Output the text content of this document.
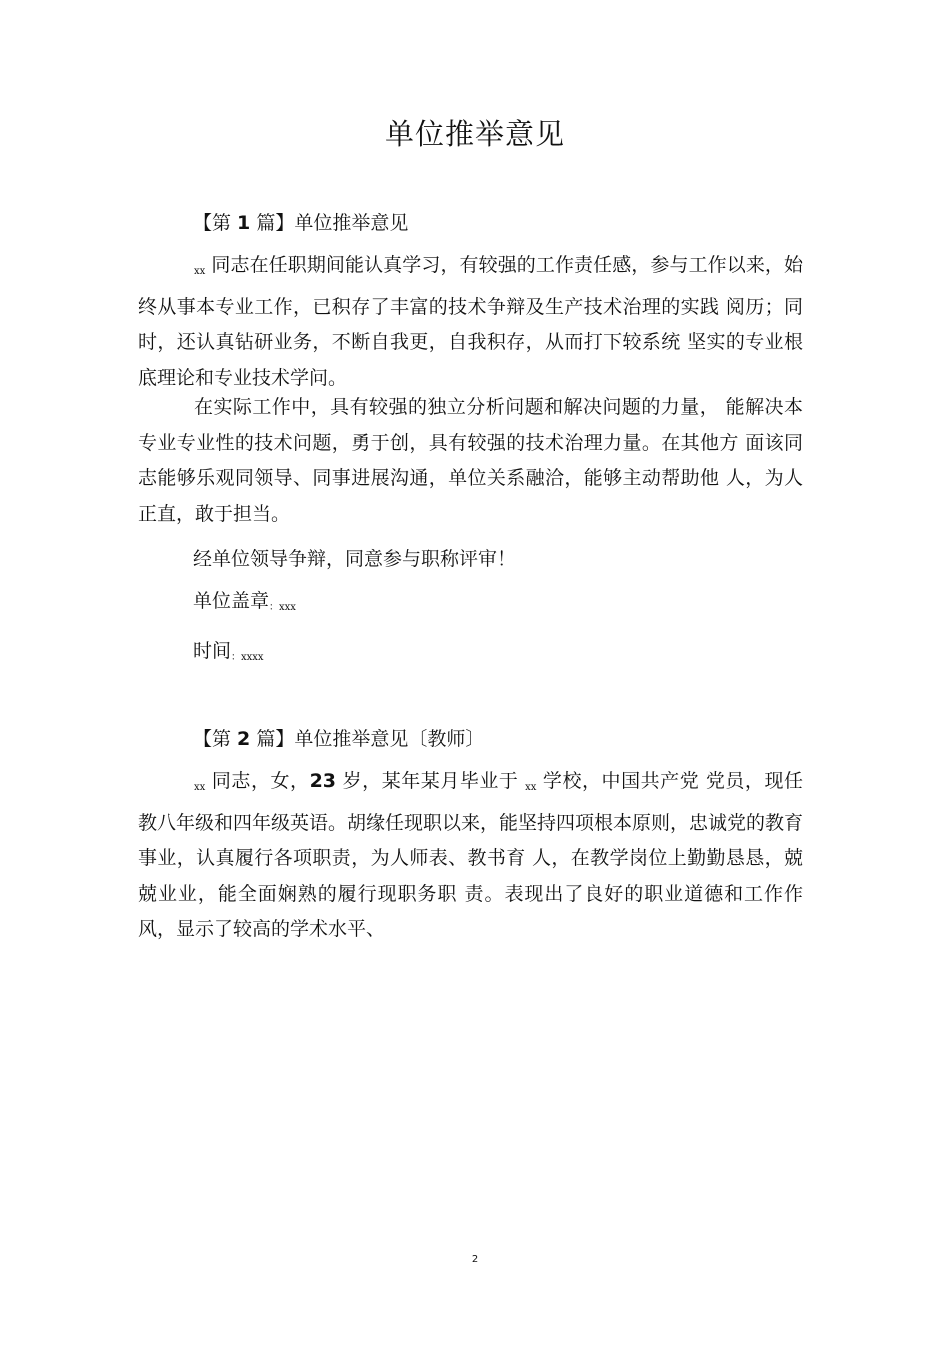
单位推举意见
【第 1 篇】单位推举意见

xx 同志在任职期间能认真学习，有较强的工作责任感，参与工作以来，始终从事本专业工作，已积存了丰富的技术争辩及生产技术治理的实践 阅历；同时，还认真钻研业务，不断自我更，自我积存，从而打下较系统 坚实的专业根底理论和专业技术学问。

在实际工作中，具有较强的独立分析问题和解决问题的力量， 能解决本专业专业性的技术问题，勇于创，具有较强的技术治理力量。在其他方 面该同志能够乐观同领导、同事进展沟通，单位关系融洽，能够主动帮助他 人，为人正直，敢于担当。

经单位领导争辩，同意参与职称评审！
单位盖章：xxx
时间：xxxx
【第 2 篇】单位推举意见〔教师〕

xx 同志，女，23 岁，某年某月毕业于 xx 学校，中国共产党 党员，现任教八年级和四年级英语。胡缘任现职以来，能坚持四项根本原则，忠诚党的教育事业，认真履行各项职责，为人师表、教书育 人，在教学岗位上勤勤恳恳，兢兢业业，能全面娴熟的履行现职务职 责。表现出了良好的职业道德和工作作风，显示了较高的学术水平、

2
